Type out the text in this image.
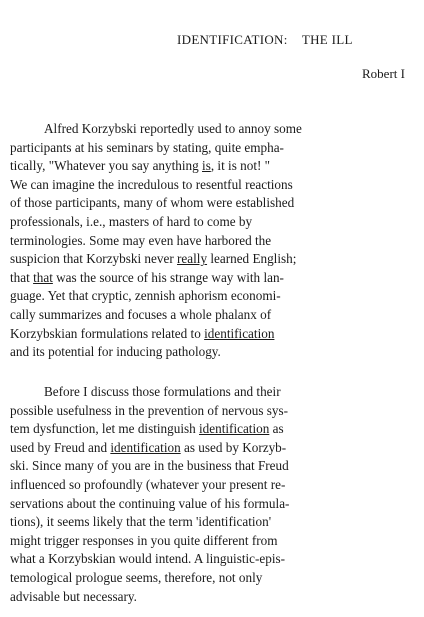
IDENTIFICATION: THE ILL
Robert I
Alfred Korzybski reportedly used to annoy some
participants at his seminars by stating, quite empha-
tically, "Whatever you say anything is, it is not! "
We can imagine the incredulous to resentful reactions
of those participants, many of whom were established
professionals, i.e., masters of hard to come by
terminologies. Some may even have harbored the
suspicion that Korzybski never really learned English;
that that was the source of his strange way with lan-
guage. Yet that cryptic, zennish aphorism economi-
cally summarizes and focuses a whole phalanx of
Korzybskian formulations related to identification
and its potential for inducing pathology.
Before I discuss those formulations and their
possible usefulness in the prevention of nervous sys-
tem dysfunction, let me distinguish identification as
used by Freud and identification as used by Korzyb-
ski. Since many of you are in the business that Freud
influenced so profoundly (whatever your present re-
servations about the continuing value of his formula-
tions), it seems likely that the term 'identification'
might trigger responses in you quite different from
what a Korzybskian would intend. A linguistic-epis-
temological prologue seems, therefore, not only
advisable but necessary.
